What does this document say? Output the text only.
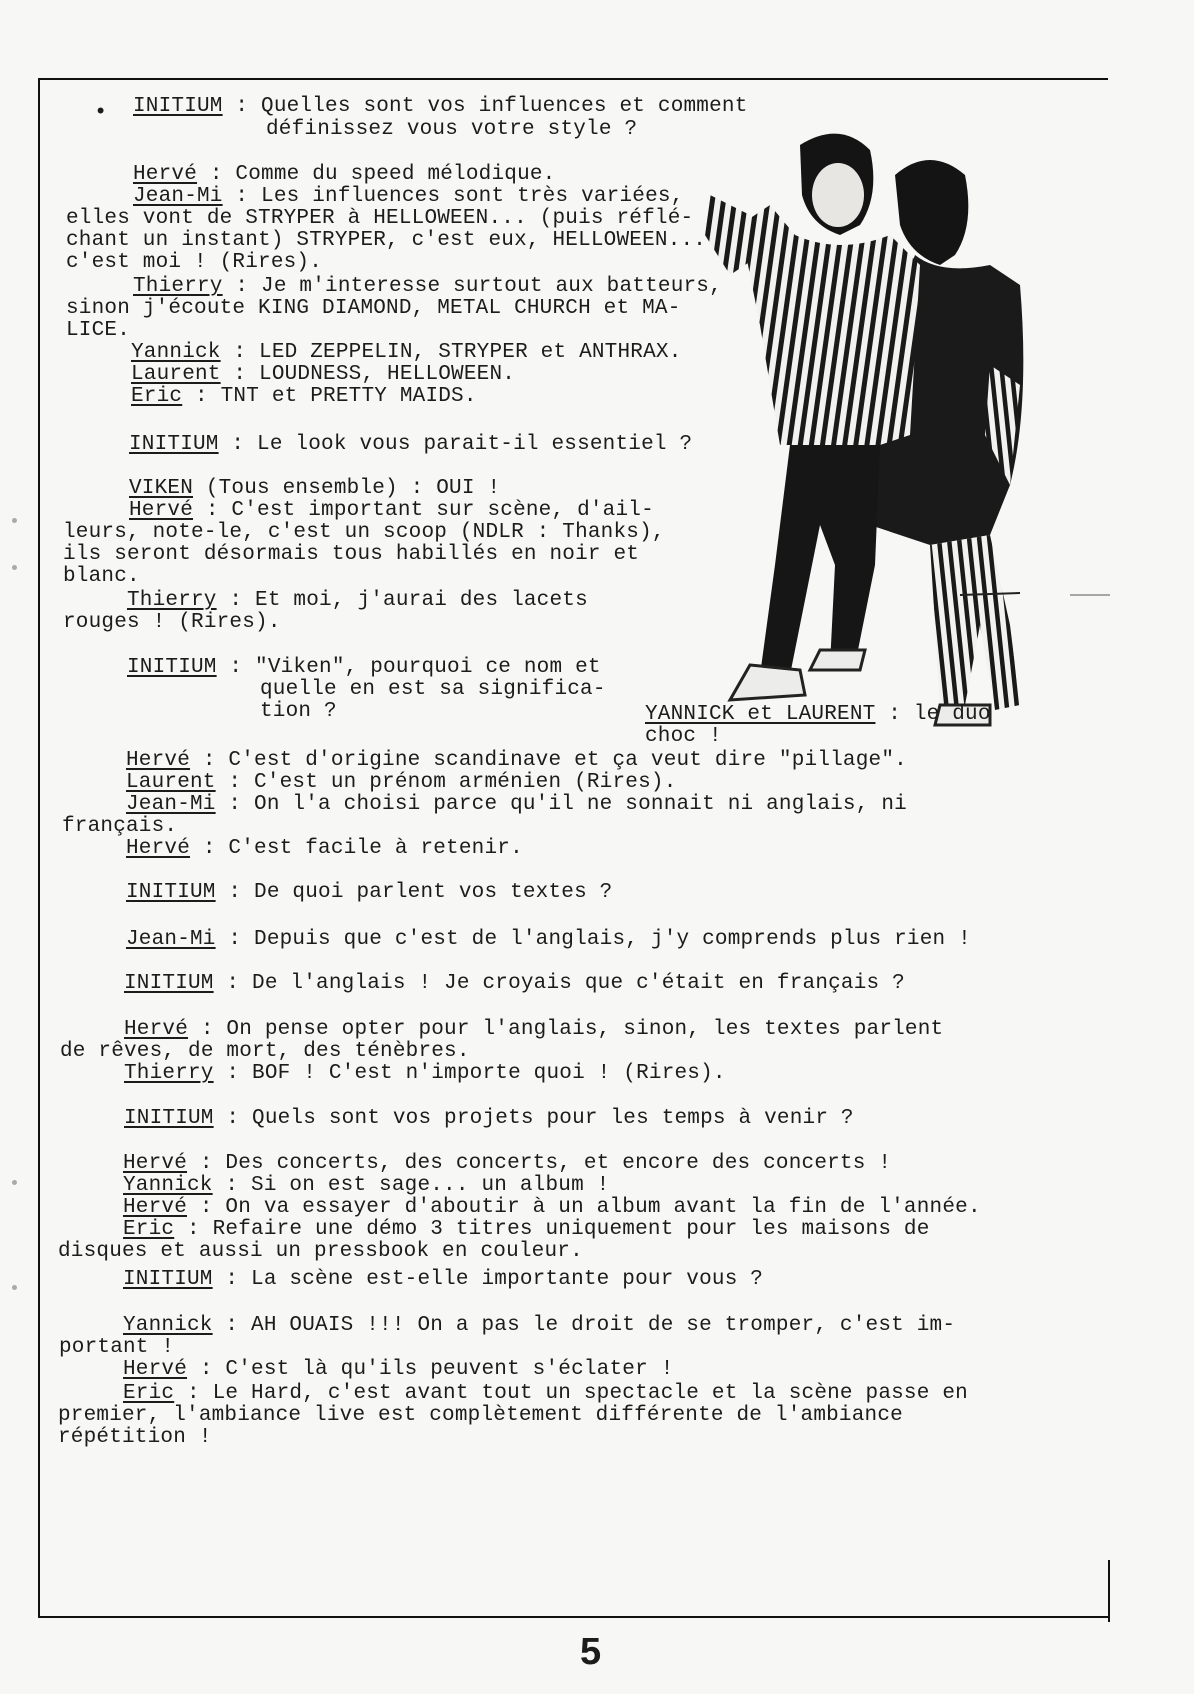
•
YANNICK et LAURENT : le duo
choc !
INITIUM : Quelles sont vos influences et comment
définissez vous votre style ?
Hervé : Comme du speed mélodique.
Jean-Mi : Les influences sont très variées,
elles vont de STRYPER à HELLOWEEN... (puis réflé-
chant un instant) STRYPER, c'est eux, HELLOWEEN...
c'est moi ! (Rires).
Thierry : Je m'interesse surtout aux batteurs,
sinon j'écoute KING DIAMOND, METAL CHURCH et MA-
LICE.
Yannick : LED ZEPPELIN, STRYPER et ANTHRAX.
Laurent : LOUDNESS, HELLOWEEN.
Eric : TNT et PRETTY MAIDS.
INITIUM : Le look vous parait-il essentiel ?
VIKEN (Tous ensemble) : OUI !
Hervé : C'est important sur scène, d'ail-
leurs, note-le, c'est un scoop (NDLR : Thanks),
ils seront désormais tous habillés en noir et
blanc.
Thierry : Et moi, j'aurai des lacets
rouges ! (Rires).
INITIUM : "Viken", pourquoi ce nom et
quelle en est sa significa-
tion ?
Hervé : C'est d'origine scandinave et ça veut dire "pillage".
Laurent : C'est un prénom arménien (Rires).
Jean-Mi : On l'a choisi parce qu'il ne sonnait ni anglais, ni
français.
Hervé : C'est facile à retenir.
INITIUM : De quoi parlent vos textes ?
Jean-Mi : Depuis que c'est de l'anglais, j'y comprends plus rien !
INITIUM : De l'anglais ! Je croyais que c'était en français ?
Hervé : On pense opter pour l'anglais, sinon, les textes parlent
de rêves, de mort, des ténèbres.
Thierry : BOF ! C'est n'importe quoi ! (Rires).
INITIUM : Quels sont vos projets pour les temps à venir ?
Hervé : Des concerts, des concerts, et encore des concerts !
Yannick : Si on est sage... un album !
Hervé : On va essayer d'aboutir à un album avant la fin de l'année.
Eric : Refaire une démo 3 titres uniquement pour les maisons de
disques et aussi un pressbook en couleur.
INITIUM : La scène est-elle importante pour vous ?
Yannick : AH OUAIS !!! On a pas le droit de se tromper, c'est im-
portant !
Hervé : C'est là qu'ils peuvent s'éclater !
Eric : Le Hard, c'est avant tout un spectacle et la scène passe en
premier, l'ambiance live est complètement différente de l'ambiance
répétition !
5
